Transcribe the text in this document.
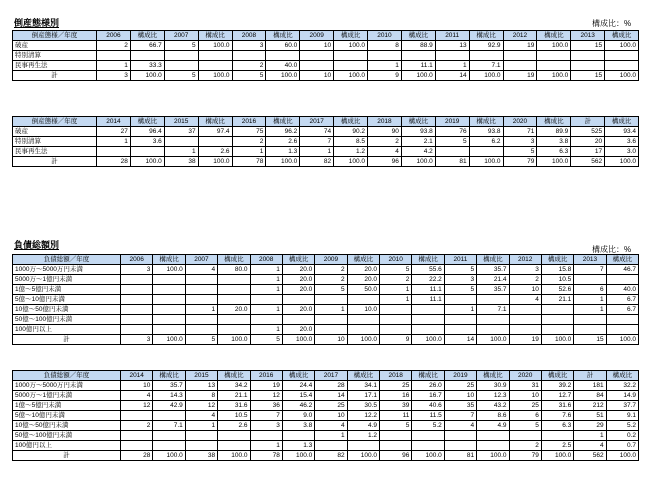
倒産態様別	構成比：%
倒産態様／年度	2006	構成比	2007	構成比	2008	構成比	2009	構成比	2010	構成比	2011	構成比	2012	構成比	2013	構成比
破産	2	66.7	5	100.0	3	60.0	10	100.0	8	88.9	13	92.9	19	100.0	15	100.0
特別清算																
民事再生法	1	33.3			2	40.0			1	11.1	1	7.1				
計	3	100.0	5	100.0	5	100.0	10	100.0	9	100.0	14	100.0	19	100.0	15	100.0
倒産態様／年度	2014	構成比	2015	構成比	2016	構成比	2017	構成比	2018	構成比	2019	構成比	2020	構成比	計	構成比
破産	27	96.4	37	97.4	75	96.2	74	90.2	90	93.8	76	93.8	71	89.9	525	93.4
特別清算	1	3.6			2	2.6	7	8.5	2	2.1	5	6.2	3	3.8	20	3.6
民事再生法			1	2.6	1	1.3	1	1.2	4	4.2			5	6.3	17	3.0
計	28	100.0	38	100.0	78	100.0	82	100.0	96	100.0	81	100.0	79	100.0	562	100.0
負債総額別	構成比：%
負債総額／年度	2006	構成比	2007	構成比	2008	構成比	2009	構成比	2010	構成比	2011	構成比	2012	構成比	2013	構成比
1000万～5000万円未満	3	100.0	4	80.0	1	20.0	2	20.0	5	55.6	5	35.7	3	15.8	7	46.7
5000万～1億円未満					1	20.0	2	20.0	2	22.2	3	21.4	2	10.5		
1億～5億円未満					1	20.0	5	50.0	1	11.1	5	35.7	10	52.6	6	40.0
5億～10億円未満									1	11.1			4	21.1	1	6.7
10億～50億円未満			1	20.0	1	20.0	1	10.0			1	7.1			1	6.7
50億～100億円未満																
100億円以上					1	20.0										
計	3	100.0	5	100.0	5	100.0	10	100.0	9	100.0	14	100.0	19	100.0	15	100.0
負債総額／年度	2014	構成比	2015	構成比	2016	構成比	2017	構成比	2018	構成比	2019	構成比	2020	構成比	計	構成比
1000万～5000万円未満	10	35.7	13	34.2	19	24.4	28	34.1	25	26.0	25	30.9	31	39.2	181	32.2
5000万～1億円未満	4	14.3	8	21.1	12	15.4	14	17.1	16	16.7	10	12.3	10	12.7	84	14.9
1億～5億円未満	12	42.9	12	31.6	36	46.2	25	30.5	39	40.6	35	43.2	25	31.6	212	37.7
5億～10億円未満			4	10.5	7	9.0	10	12.2	11	11.5	7	8.6	6	7.6	51	9.1
10億～50億円未満	2	7.1	1	2.6	3	3.8	4	4.9	5	5.2	4	4.9	5	6.3	29	5.2
50億～100億円未満							1	1.2							1	0.2
100億円以上					1	1.3							2	2.5	4	0.7
計	28	100.0	38	100.0	78	100.0	82	100.0	96	100.0	81	100.0	79	100.0	562	100.0
